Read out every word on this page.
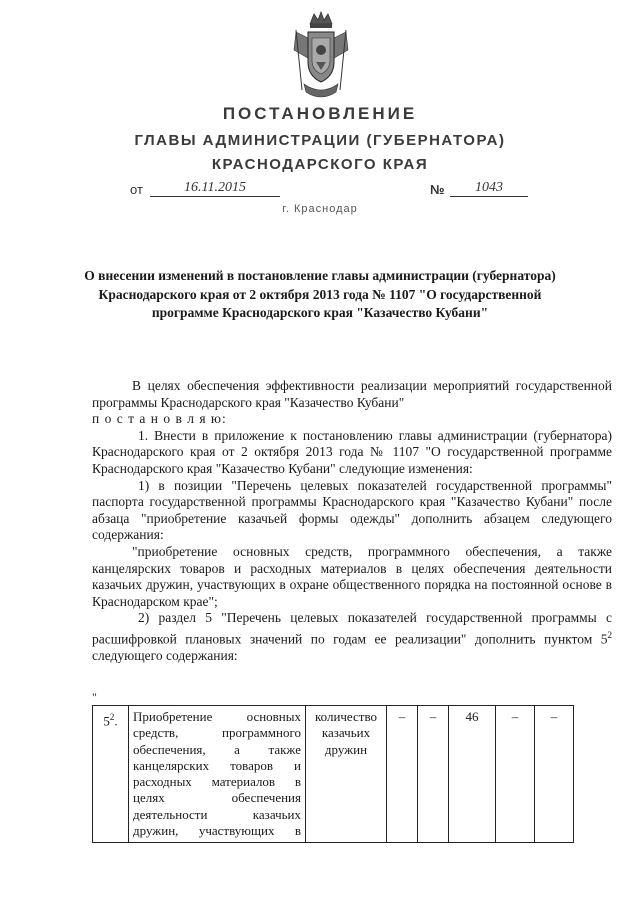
ПОСТАНОВЛЕНИЕ
ГЛАВЫ АДМИНИСТРАЦИИ (ГУБЕРНАТОРА)
КРАСНОДАРСКОГО КРАЯ
от	16.11.2015	№	1043
г. Краснодар
О внесении изменений в постановление главы администрации (губернатора) Краснодарского края от 2 октября 2013 года № 1107 "О государственной программе Краснодарского края "Казачество Кубани"

В целях обеспечения эффективности реализации мероприятий государственной программы Краснодарского края "Казачество Кубани"

п о с т а н о в л я ю:

1. Внести в приложение к постановлению главы администрации (губернатора) Краснодарского края от 2 октября 2013 года № 1107 "О государственной программе Краснодарского края "Казачество Кубани" следующие изменения:

1) в позиции "Перечень целевых показателей государственной программы" паспорта государственной программы Краснодарского края "Казачество Кубани" после абзаца "приобретение казачьей формы одежды" дополнить абзацем следующего содержания:

"приобретение основных средств, программного обеспечения, а также канцелярских товаров и расходных материалов в целях обеспечения деятельности казачьих дружин, участвующих в охране общественного порядка на постоянной основе в Краснодарском крае";

2) раздел 5 "Перечень целевых показателей государственной программы с расшифровкой плановых значений по годам ее реализации" дополнить пунктом $5^2$ следующего содержания:

"
$5^2$.	Приобретение основных средств, программного обеспечения, а также канцелярских товаров и расходных материалов в целях обеспечения деятельности казачьих дружин, участвующих в	количество казачьих дружин	–	–	46	–	–
